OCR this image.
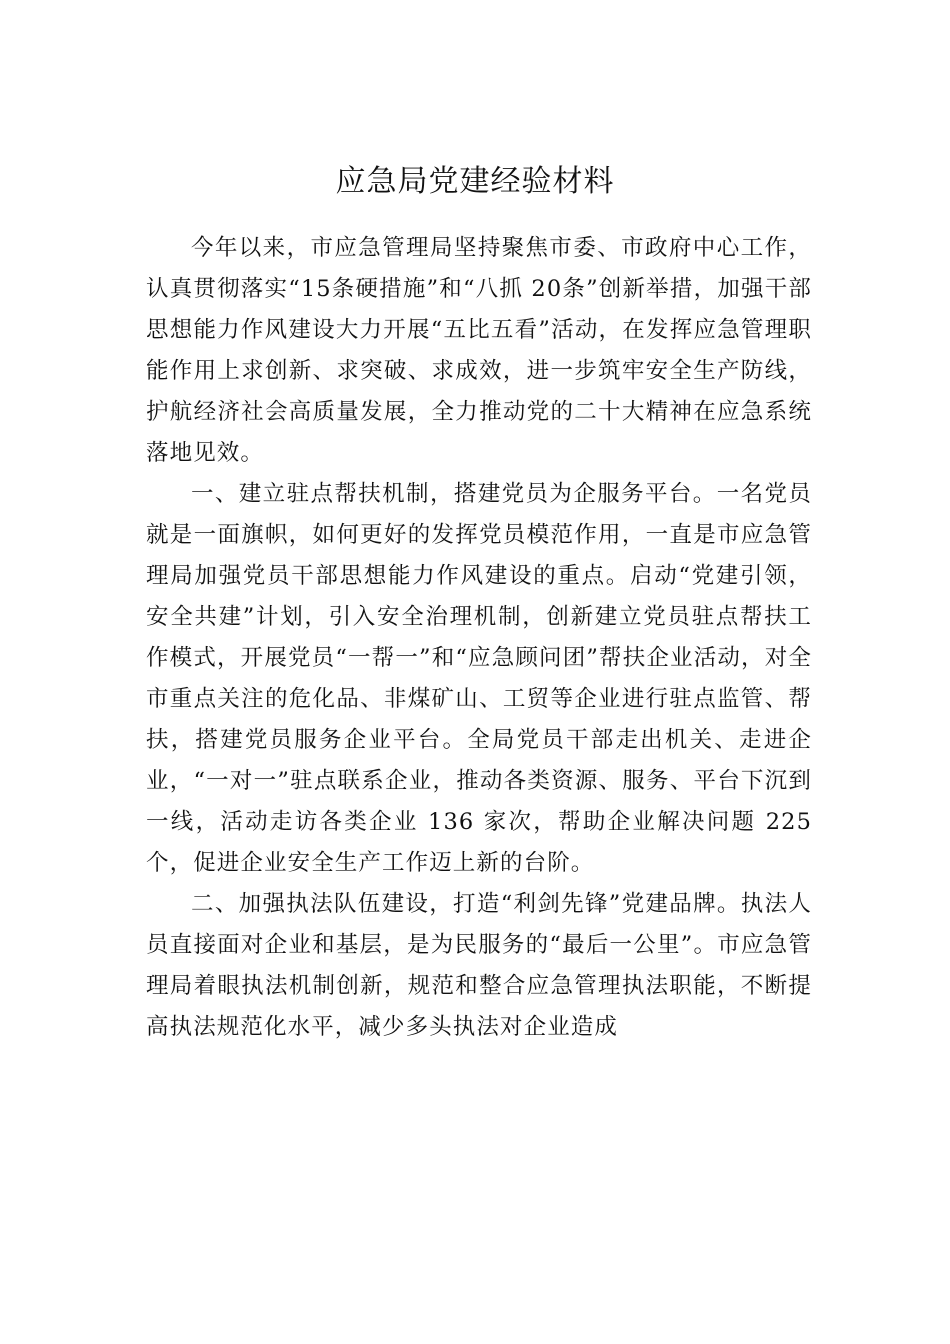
应急局党建经验材料

今年以来，市应急管理局坚持聚焦市委、市政府中心工作，认真贯彻落实“15条硬措施”和“八抓 20条”创新举措，加强干部思想能力作风建设大力开展“五比五看”活动，在发挥应急管理职能作用上求创新、求突破、求成效，进一步筑牢安全生产防线，护航经济社会高质量发展，全力推动党的二十大精神在应急系统落地见效。

一、建立驻点帮扶机制，搭建党员为企服务平台。一名党员就是一面旗帜，如何更好的发挥党员模范作用，一直是市应急管理局加强党员干部思想能力作风建设的重点。启动“党建引领，安全共建”计划，引入安全治理机制，创新建立党员驻点帮扶工作模式，开展党员“一帮一”和“应急顾问团”帮扶企业活动，对全市重点关注的危化品、非煤矿山、工贸等企业进行驻点监管、帮扶，搭建党员服务企业平台。全局党员干部走出机关、走进企业，“一对一”驻点联系企业，推动各类资源、服务、平台下沉到一线，活动走访各类企业 136 家次，帮助企业解决问题 225 个，促进企业安全生产工作迈上新的台阶。

二、加强执法队伍建设，打造“利剑先锋”党建品牌。执法人员直接面对企业和基层，是为民服务的“最后一公里”。市应急管理局着眼执法机制创新，规范和整合应急管理执法职能，不断提高执法规范化水平，减少多头执法对企业造成
